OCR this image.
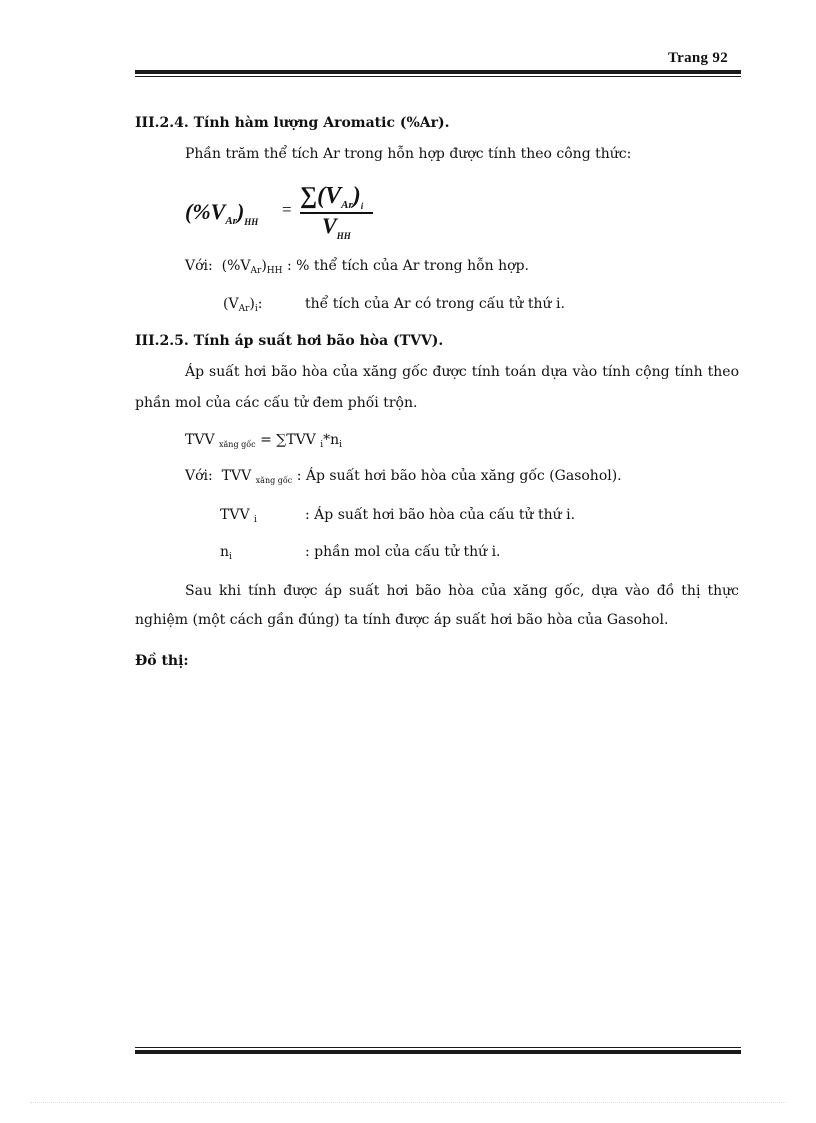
Trang 92
III.2.4. Tính hàm lượng Aromatic (%Ar).
Phần trăm thể tích Ar trong hỗn hợp được tính theo công thức:
$(\%V_{Ar})_{HH}$
=
$\sum(V_{Ar})_i$
$V_{HH}$
Với: $(\%V_{Ar})_{HH}$ : % thể tích của Ar trong hỗn hợp.
$(V_{Ar})_i$:	thể tích của Ar có trong cấu tử thứ i.
III.2.5. Tính áp suất hơi bão hòa (TVV).
Áp suất hơi bão hòa của xăng gốc được tính toán dựa vào tính cộng tính theo
phần mol của các cấu tử đem phối trộn.
TVV $_{xăng gốc}$ = ∑TVV $_i*n_i$
Với: TVV $_{xăng gốc}$ : Áp suất hơi bão hòa của xăng gốc (Gasohol).
TVV $_i$	: Áp suất hơi bão hòa của cấu tử thứ i.
$n_i$	: phần mol của cấu tử thứ i.
Sau khi tính được áp suất hơi bão hòa của xăng gốc, dựa vào đồ thị thực
nghiệm (một cách gần đúng) ta tính được áp suất hơi bão hòa của Gasohol.
Đồ thị:
